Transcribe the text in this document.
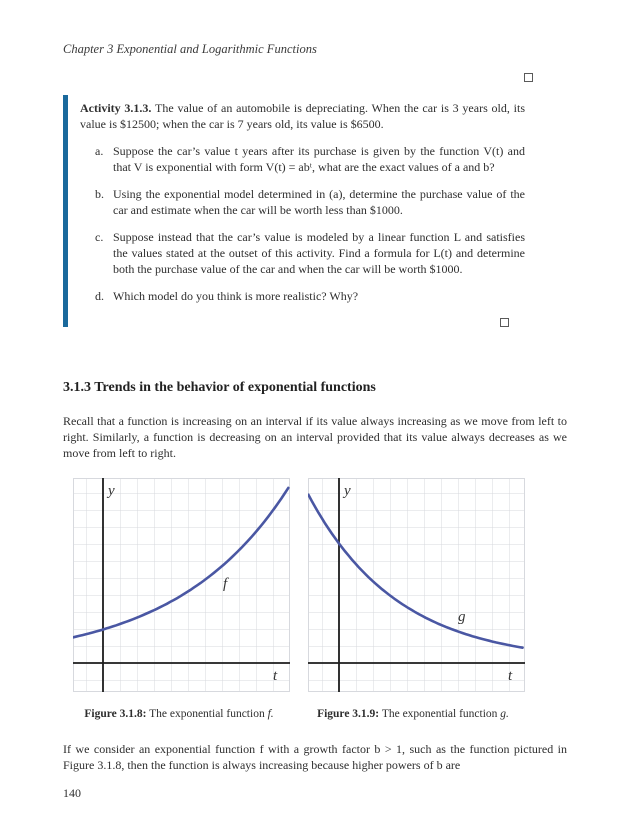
Chapter 3 Exponential and Logarithmic Functions
Activity 3.1.3. The value of an automobile is depreciating. When the car is 3 years old, its value is $12500; when the car is 7 years old, its value is $6500.
a. Suppose the car’s value t years after its purchase is given by the function V(t) and that V is exponential with form V(t) = abᵗ, what are the exact values of a and b?
b. Using the exponential model determined in (a), determine the purchase value of the car and estimate when the car will be worth less than $1000.
c. Suppose instead that the car’s value is modeled by a linear function L and satisfies the values stated at the outset of this activity. Find a formula for L(t) and determine both the purchase value of the car and when the car will be worth $1000.
d. Which model do you think is more realistic? Why?
3.1.3 Trends in the behavior of exponential functions
Recall that a function is increasing on an interval if its value always increasing as we move from left to right. Similarly, a function is decreasing on an interval provided that its value always decreases as we move from left to right.
y
t
f
y
t
g
Figure 3.1.8: The exponential function f.	Figure 3.1.9: The exponential function g.
If we consider an exponential function f with a growth factor b > 1, such as the function pictured in Figure 3.1.8, then the function is always increasing because higher powers of b are
140
